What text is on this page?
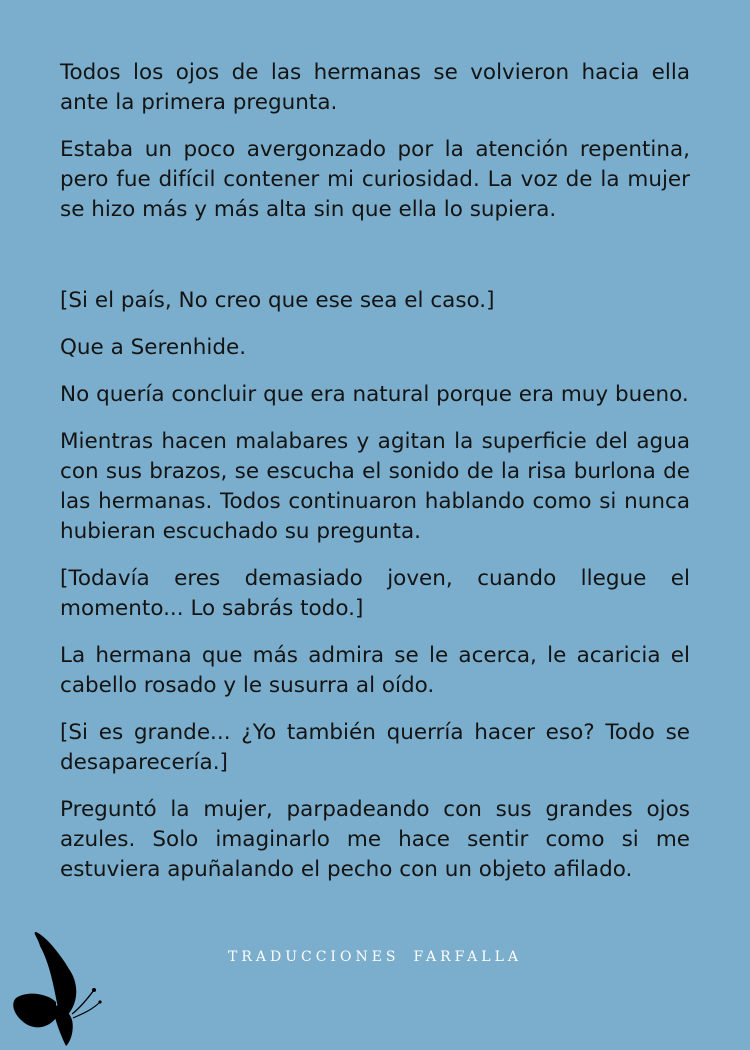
Todos los ojos de las hermanas se volvieron hacia ella ante la primera pregunta.

Estaba un poco avergonzado por la atención repentina, pero fue difícil contener mi curiosidad. La voz de la mujer se hizo más y más alta sin que ella lo supiera.

[Si el país, No creo que ese sea el caso.]

Que a Serenhide.

No quería concluir que era natural porque era muy bueno.

Mientras hacen malabares y agitan la superficie del agua con sus brazos, se escucha el sonido de la risa burlona de las hermanas. Todos continuaron hablando como si nunca hubieran escuchado su pregunta.

[Todavía eres demasiado joven, cuando llegue el momento... Lo sabrás todo.]

La hermana que más admira se le acerca, le acaricia el cabello rosado y le susurra al oído.

[Si es grande... ¿Yo también querría hacer eso? Todo se desaparecería.]

Preguntó la mujer, parpadeando con sus grandes ojos azules. Solo imaginarlo me hace sentir como si me estuviera apuñalando el pecho con un objeto afilado.

TRADUCCIONES FARFALLA
